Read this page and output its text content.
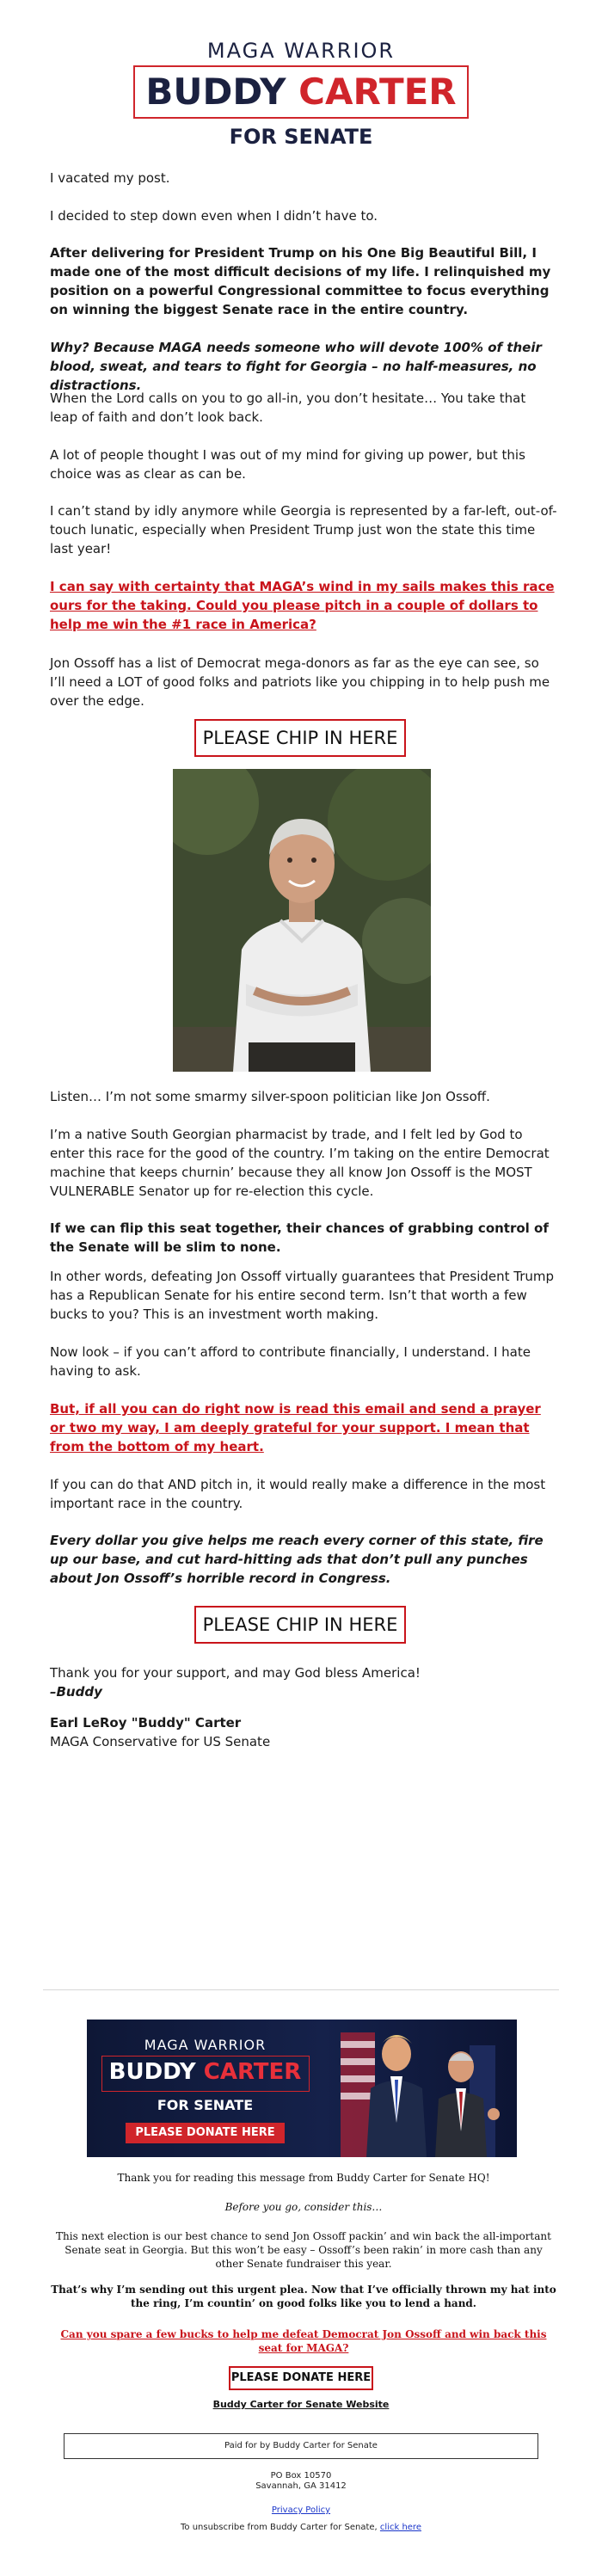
MAGA WARRIOR
BUDDY CARTER
FOR SENATE

I vacated my post.

I decided to step down even when I didn’t have to.

After delivering for President Trump on his One Big Beautiful Bill, I made one of the most difficult decisions of my life. I relinquished my position on a powerful Congressional committee to focus everything on winning the biggest Senate race in the entire country.

Why? Because MAGA needs someone who will devote 100% of their blood, sweat, and tears to fight for Georgia – no half-measures, no distractions.

When the Lord calls on you to go all-in, you don’t hesitate… You take that leap of faith and don’t look back.

A lot of people thought I was out of my mind for giving up power, but this choice was as clear as can be.

I can’t stand by idly anymore while Georgia is represented by a far-left, out-of-touch lunatic, especially when President Trump just won the state this time last year!

I can say with certainty that MAGA’s wind in my sails makes this race ours for the taking. Could you please pitch in a couple of dollars to help me win the #1 race in America?

Jon Ossoff has a list of Democrat mega-donors as far as the eye can see, so I’ll need a LOT of good folks and patriots like you chipping in to help push me over the edge.

PLEASE CHIP IN HERE

Listen… I’m not some smarmy silver-spoon politician like Jon Ossoff.

I’m a native South Georgian pharmacist by trade, and I felt led by God to enter this race for the good of the country. I’m taking on the entire Democrat machine that keeps churnin’ because they all know Jon Ossoff is the MOST VULNERABLE Senator up for re-election this cycle.

If we can flip this seat together, their chances of grabbing control of the Senate will be slim to none.

In other words, defeating Jon Ossoff virtually guarantees that President Trump has a Republican Senate for his entire second term. Isn’t that worth a few bucks to you? This is an investment worth making.

Now look – if you can’t afford to contribute financially, I understand. I hate having to ask.

But, if all you can do right now is read this email and send a prayer or two my way, I am deeply grateful for your support. I mean that from the bottom of my heart.

If you can do that AND pitch in, it would really make a difference in the most important race in the country.

Every dollar you give helps me reach every corner of this state, fire up our base, and cut hard-hitting ads that don’t pull any punches about Jon Ossoff’s horrible record in Congress.

PLEASE CHIP IN HERE

Thank you for your support, and may God bless America!

–Buddy

Earl LeRoy "Buddy" Carter

MAGA Conservative for US Senate

MAGA WARRIOR
BUDDY CARTER
FOR SENATE
PLEASE DONATE HERE
Thank you for reading this message from Buddy Carter for Senate HQ!
Before you go, consider this…
This next election is our best chance to send Jon Ossoff packin’ and win back the all-important Senate seat in Georgia. But this won’t be easy – Ossoff’s been rakin’ in more cash than any other Senate fundraiser this year.
That’s why I’m sending out this urgent plea. Now that I’ve officially thrown my hat into the ring, I’m countin’ on good folks like you to lend a hand.
Can you spare a few bucks to help me defeat Democrat Jon Ossoff and win back this seat for MAGA?
PLEASE DONATE HERE
Buddy Carter for Senate Website
Paid for by Buddy Carter for Senate
PO Box 10570
Savannah, GA 31412
Privacy Policy
To unsubscribe from Buddy Carter for Senate, click here
